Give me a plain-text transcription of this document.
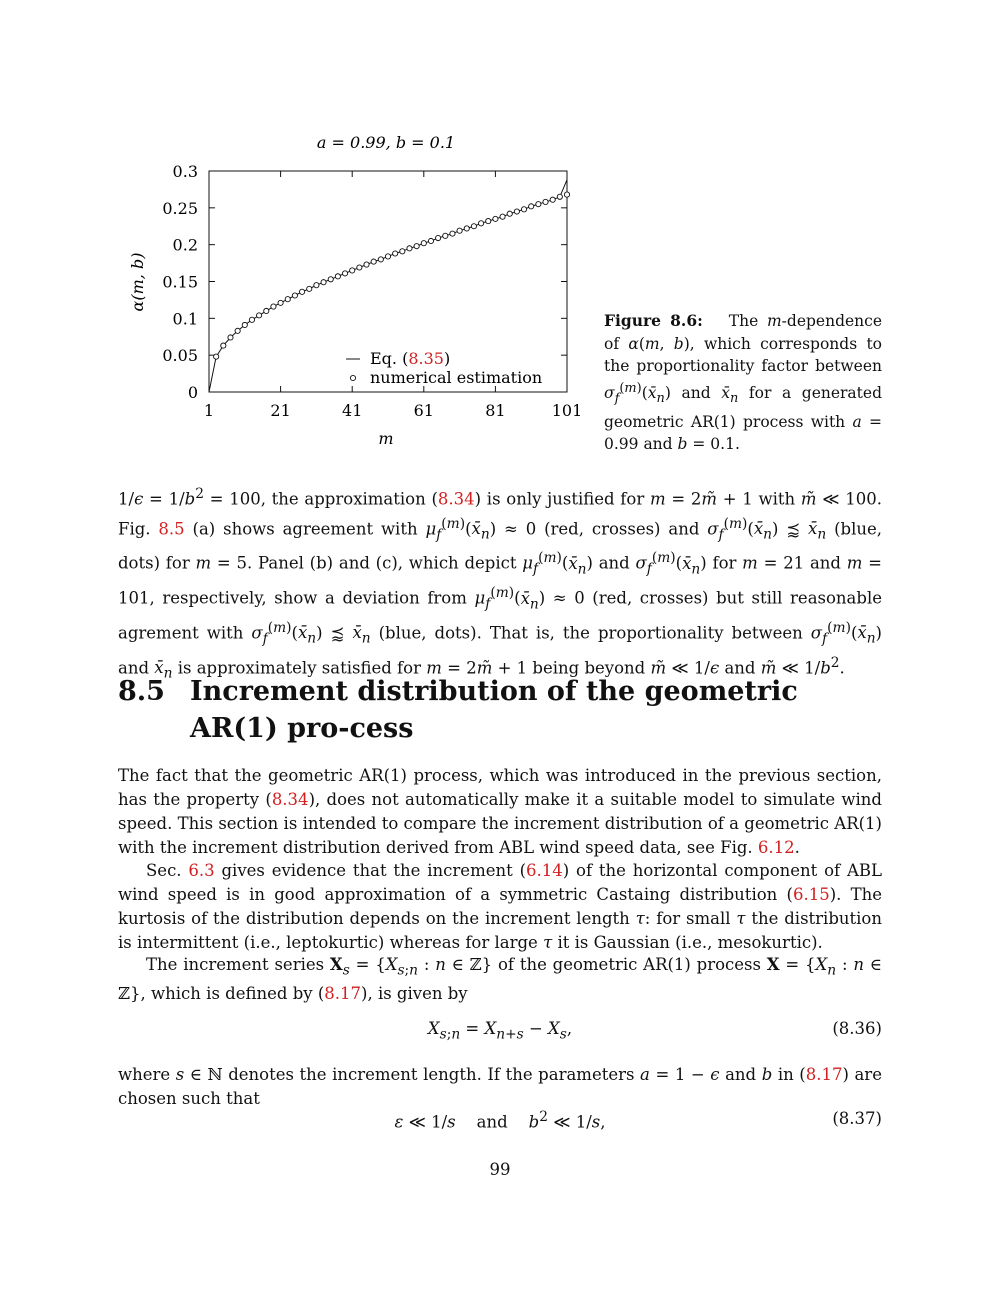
a = 0.99, b = 0.1
0
0.05
0.1
0.15
0.2
0.25
0.3
1	21	41	61	81	101
α(m, b)
m
Eq. (8.35)
numerical estimation
Figure 8.6:   The m-dependence of α(m, b), which corresponds to the proportionality factor between $\sigma_f^{(m)}(x̄_n)$ and $x̄_n$ for a generated geometric AR(1) process with a = 0.99 and b = 0.1.
$1/\epsilon = 1/b^2 = 100$, the approximation (8.34) is only justified for m = 2m̃ + 1 with m̃ ≪ 100. Fig. 8.5 (a) shows agreement with $\mu_f^{(m)}(x̄_n) \approx 0$ (red, crosses) and $\sigma_f^{(m)}(x̄_n)$ ⪷ $x̄_n$ (blue, dots) for m = 5. Panel (b) and (c), which depict $\mu_f^{(m)}(x̄_n)$ and $\sigma_f^{(m)}(x̄_n)$ for m = 21 and m = 101, respectively, show a deviation from $\mu_f^{(m)}(x̄_n) \approx 0$ (red, crosses) but still reasonable agrement with $\sigma_f^{(m)}(x̄_n)$ ⪷ $x̄_n$ (blue, dots). That is, the proportionality between $\sigma_f^{(m)}(x̄_n)$ and $x̄_n$ is approximately satisfied for m = 2m̃ + 1 being beyond m̃ ≪ 1/ϵ and m̃ ≪ $1/b^2$.
8.5 Increment distribution of the geometric AR(1) pro-cess
The fact that the geometric AR(1) process, which was introduced in the previous section, has the property (8.34), does not automatically make it a suitable model to simulate wind speed. This section is intended to compare the increment distribution of a geometric AR(1) with the increment distribution derived from ABL wind speed data, see Fig. 6.12.
Sec. 6.3 gives evidence that the increment (6.14) of the horizontal component of ABL wind speed is in good approximation of a symmetric Castaing distribution (6.15). The kurtosis of the distribution depends on the increment length τ: for small τ the distribution is intermittent (i.e., leptokurtic) whereas for large τ it is Gaussian (i.e., mesokurtic).
The increment series $X_s = \{X_{s;n}$ : n ∈ ℤ} of the geometric AR(1) process $X = \{X_n$ : n ∈ ℤ}, which is defined by (8.17), is given by
$X_{s;n} = X_{n+s} - X_s$,	(8.36)
where s ∈ ℕ denotes the increment length. If the parameters a = 1 − ϵ and b in (8.17) are chosen such that
ε ≪ 1/s    and    $b^2$ ≪ 1/s,	(8.37)
99
